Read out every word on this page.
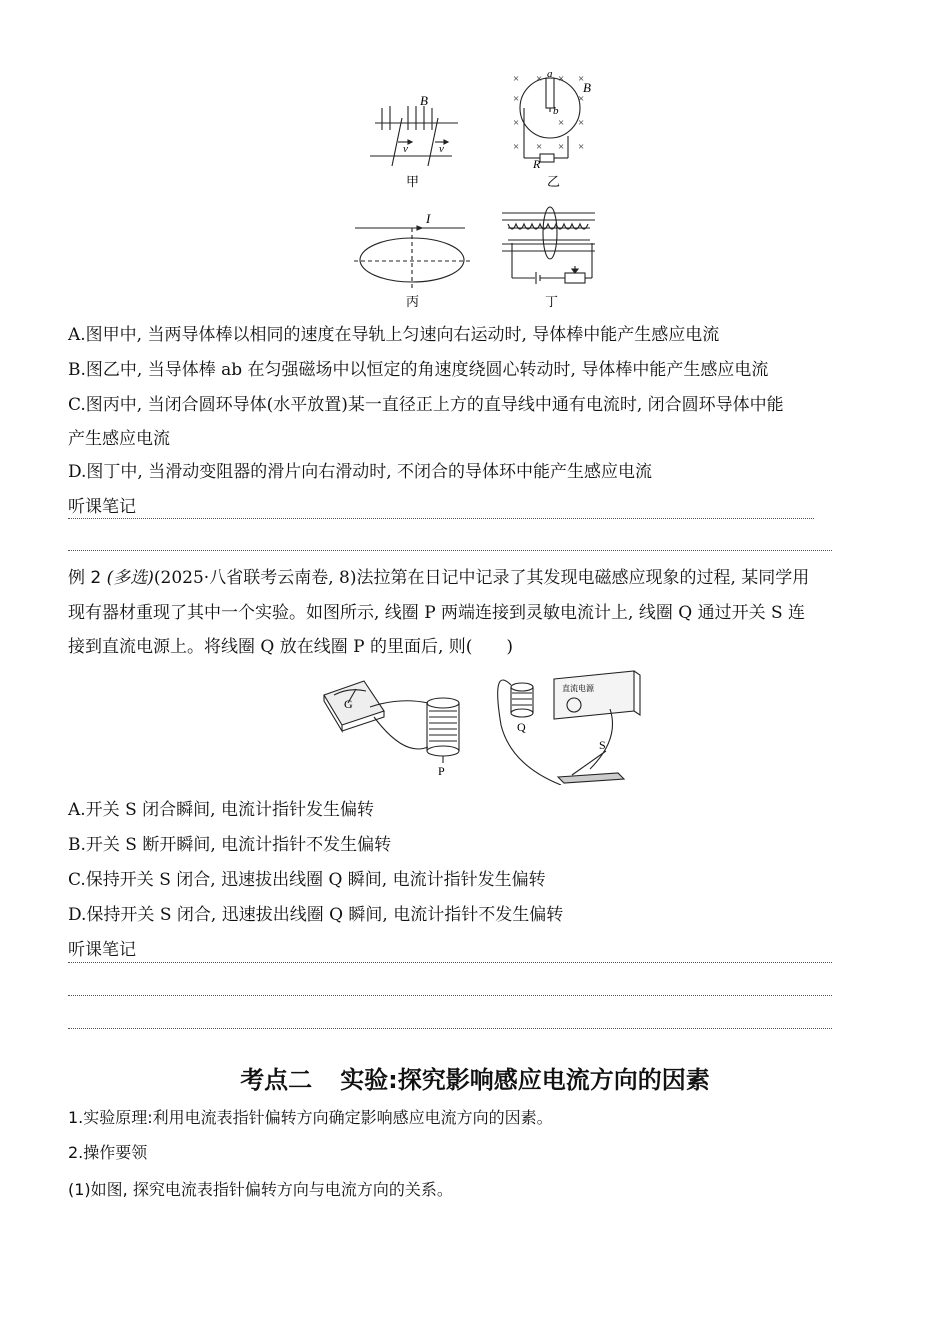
B
v	v
甲
× × × ×
×	×
×	×
×	×
×
× ×
a
b
B
R
乙
I
丙	丁
A.图甲中, 当两导体棒以相同的速度在导轨上匀速向右运动时, 导体棒中能产生感应电流
B.图乙中, 当导体棒 ab 在匀强磁场中以恒定的角速度绕圆心转动时, 导体棒中能产生感应电流
C.图丙中, 当闭合圆环导体(水平放置)某一直径正上方的直导线中通有电流时, 闭合圆环导体中能
产生感应电流
D.图丁中, 当滑动变阻器的滑片向右滑动时, 不闭合的导体环中能产生感应电流
听课笔记
例 2 (多选)(2025·八省联考云南卷, 8)法拉第在日记中记录了其发现电磁感应现象的过程, 某同学用
现有器材重现了其中一个实验。如图所示, 线圈 P 两端连接到灵敏电流计上, 线圈 Q 通过开关 S 连
接到直流电源上。将线圈 Q 放在线圈 P 的里面后, 则(　　)
G
P
Q
S
直流电源
A.开关 S 闭合瞬间, 电流计指针发生偏转
B.开关 S 断开瞬间, 电流计指针不发生偏转
C.保持开关 S 闭合, 迅速拔出线圈 Q 瞬间, 电流计指针发生偏转
D.保持开关 S 闭合, 迅速拔出线圈 Q 瞬间, 电流计指针不发生偏转
听课笔记
考点二 实验:探究影响感应电流方向的因素
1.实验原理:利用电流表指针偏转方向确定影响感应电流方向的因素。
2.操作要领
(1)如图, 探究电流表指针偏转方向与电流方向的关系。
